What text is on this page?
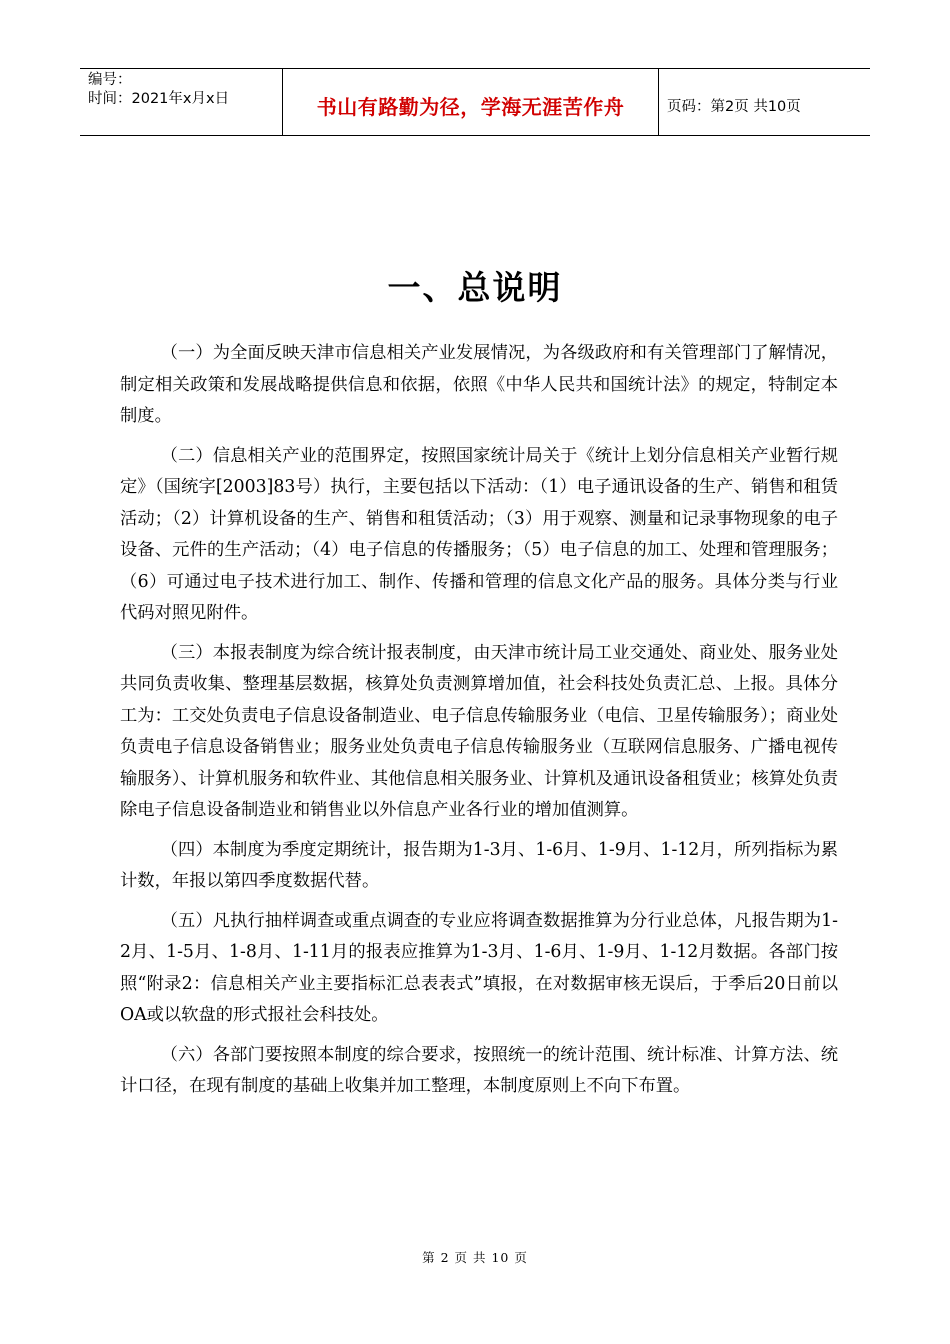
编号：
时间：2021年x月x日	书山有路勤为径，学海无涯苦作舟	页码：第2页 共10页
一、总说明

（一）为全面反映天津市信息相关产业发展情况，为各级政府和有关管理部门了解情况，制定相关政策和发展战略提供信息和依据，依照《中华人民共和国统计法》的规定，特制定本制度。

（二）信息相关产业的范围界定，按照国家统计局关于《统计上划分信息相关产业暂行规定》（国统字[2003]83号）执行，主要包括以下活动：（1）电子通讯设备的生产、销售和租赁活动；（2）计算机设备的生产、销售和租赁活动；（3）用于观察、测量和记录事物现象的电子设备、元件的生产活动；（4）电子信息的传播服务；（5）电子信息的加工、处理和管理服务；（6）可通过电子技术进行加工、制作、传播和管理的信息文化产品的服务。具体分类与行业代码对照见附件。

（三）本报表制度为综合统计报表制度，由天津市统计局工业交通处、商业处、服务业处共同负责收集、整理基层数据，核算处负责测算增加值，社会科技处负责汇总、上报。具体分工为：工交处负责电子信息设备制造业、电子信息传输服务业（电信、卫星传输服务）；商业处负责电子信息设备销售业；服务业处负责电子信息传输服务业（互联网信息服务、广播电视传输服务）、计算机服务和软件业、其他信息相关服务业、计算机及通讯设备租赁业；核算处负责除电子信息设备制造业和销售业以外信息产业各行业的增加值测算。

（四）本制度为季度定期统计，报告期为1-3月、1-6月、1-9月、1-12月，所列指标为累计数，年报以第四季度数据代替。

（五）凡执行抽样调查或重点调查的专业应将调查数据推算为分行业总体，凡报告期为1-2月、1-5月、1-8月、1-11月的报表应推算为1-3月、1-6月、1-9月、1-12月数据。各部门按照“附录2：信息相关产业主要指标汇总表表式”填报，在对数据审核无误后，于季后20日前以OA或以软盘的形式报社会科技处。

（六）各部门要按照本制度的综合要求，按照统一的统计范围、统计标准、计算方法、统计口径，在现有制度的基础上收集并加工整理，本制度原则上不向下布置。

第 2 页 共 10 页
